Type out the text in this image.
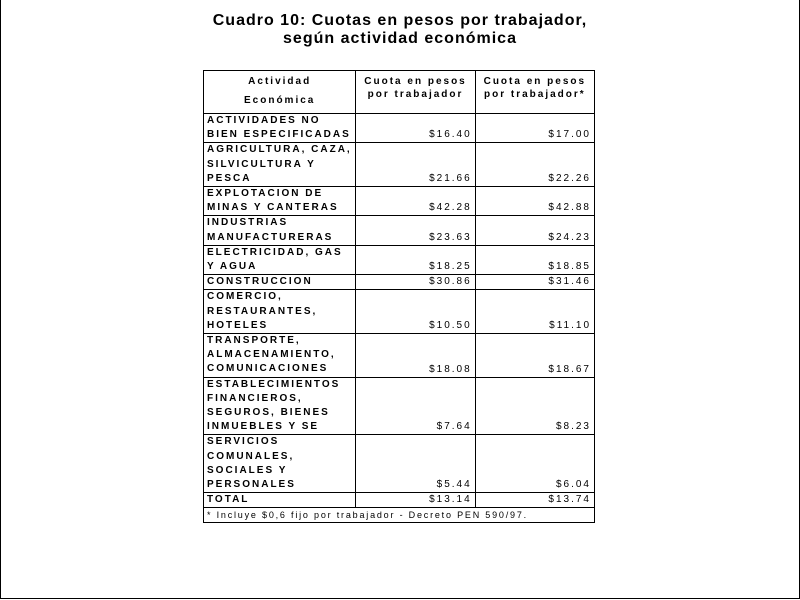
Cuadro 10: Cuotas en pesos por trabajador,
según actividad económica
Actividad
Económica	Cuota en pesos por trabajador	Cuota en pesos por trabajador*
ACTIVIDADES NO BIEN ESPECIFICADAS	$16.40	$17.00
AGRICULTURA, CAZA, SILVICULTURA Y PESCA	$21.66	$22.26
EXPLOTACION DE MINAS Y CANTERAS	$42.28	$42.88
INDUSTRIAS MANUFACTURERAS	$23.63	$24.23
ELECTRICIDAD, GAS Y AGUA	$18.25	$18.85
CONSTRUCCION	$30.86	$31.46
COMERCIO, RESTAURANTES, HOTELES	$10.50	$11.10
TRANSPORTE, ALMACENAMIENTO, COMUNICACIONES	$18.08	$18.67
ESTABLECIMIENTOS FINANCIEROS, SEGUROS, BIENES INMUEBLES Y SE	$7.64	$8.23
SERVICIOS COMUNALES, SOCIALES Y PERSONALES	$5.44	$6.04
TOTAL	$13.14	$13.74
* Incluye $0,6 fijo por trabajador - Decreto PEN 590/97.		
